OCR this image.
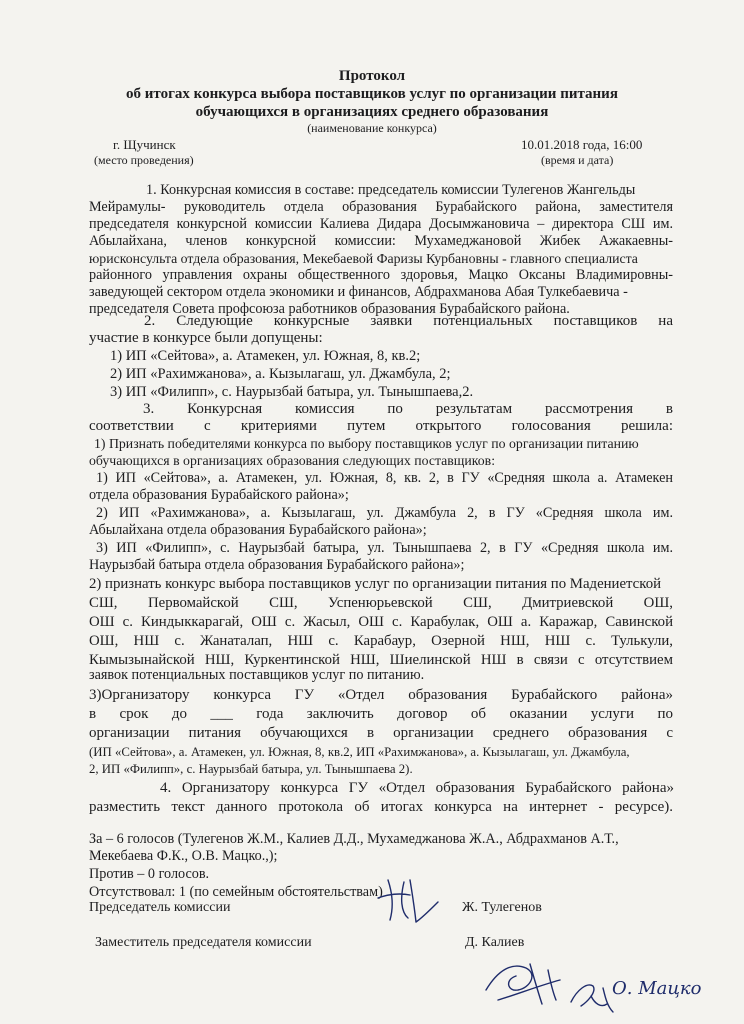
Протокол
об итогах конкурса выбора поставщиков услуг по организации питания
обучающихся в организациях среднего образования
(наименование конкурса)
г. Щучинск
(место проведения)
10.01.2018 года, 16:00
(время и дата)
1. Конкурсная комиссия в составе: председатель комиссии Тулегенов Жангельды
Мейрамулы- руководитель отдела образования Бурабайского района, заместителя
председателя конкурсной комиссии Калиева Дидара Досымжановича – директора СШ им.
Абылайхана, членов конкурсной комиссии: Мухамеджановой Жибек Ажакаевны-
юрисконсульта отдела образования, Мекебаевой Фаризы Курбановны - главного специалиста
районного управления охраны общественного здоровья, Мацко Оксаны Владимировны-
заведующей сектором отдела экономики и финансов, Абдрахманова Абая Тулкебаевича -
председателя Совета профсоюза работников образования Бурабайского района.
2. Следующие конкурсные заявки потенциальных поставщиков на
участие в конкурсе были допущены:
1) ИП «Сейтова», а. Атамекен, ул. Южная, 8, кв.2;
2) ИП «Рахимжанова», а. Кызылагаш, ул. Джамбула, 2;
3) ИП «Филипп», с. Наурызбай батыра, ул. Тынышпаева,2.
3. Конкурсная комиссия по результатам рассмотрения в
соответствии с критериями путем открытого голосования решила:
1) Признать победителями конкурса по выбору поставщиков услуг по организации питанию
обучающихся в организациях образования следующих поставщиков:
1) ИП «Сейтова», а. Атамекен, ул. Южная, 8, кв. 2, в ГУ «Средняя школа а. Атамекен
отдела образования Бурабайского района»;
2) ИП «Рахимжанова», а. Кызылагаш, ул. Джамбула 2, в ГУ «Средняя школа им.
Абылайхана отдела образования Бурабайского района»;
3) ИП «Филипп», с. Наурызбай батыра, ул. Тынышпаева 2, в ГУ «Средняя школа им.
Наурызбай батыра отдела образования Бурабайского района»;
2) признать конкурс выбора поставщиков услуг по организации питания по Мадениетской
СШ, Первомайской СШ, Успенюрьевской СШ, Дмитриевской ОШ,
ОШ с. Киндыккарагай, ОШ с. Жасыл, ОШ с. Карабулак, ОШ а. Каражар, Савинской
ОШ, НШ с. Жанаталап, НШ с. Карабаур, Озерной НШ, НШ с. Тулькули,
Кымызынайской НШ, Куркентинской НШ, Шиелинской НШ в связи с отсутствием
заявок потенциальных поставщиков услуг по питанию.
3)Организатору конкурса ГУ «Отдел образования Бурабайского района»
в срок до ___ года заключить договор об оказании услуги по
организации питания обучающихся в организации среднего образования с
(ИП «Сейтова», а. Атамекен, ул. Южная, 8, кв.2, ИП «Рахимжанова», а. Кызылагаш, ул. Джамбула,
2, ИП «Филипп», с. Наурызбай батыра, ул. Тынышпаева 2).
4. Организатору конкурса ГУ «Отдел образования Бурабайского района»
разместить текст данного протокола об итогах конкурса на интернет - ресурсе).
За – 6 голосов (Тулегенов Ж.М., Калиев Д.Д., Мухамеджанова Ж.А., Абдрахманов А.Т.,
Мекебаева Ф.К., О.В. Мацко.,);
Против – 0 голосов.
Отсутствовал: 1 (по семейным обстоятельствам)
Председатель комиссии	Ж. Тулегенов
Заместитель председателя комиссии	Д. Калиев
О. Мацко
